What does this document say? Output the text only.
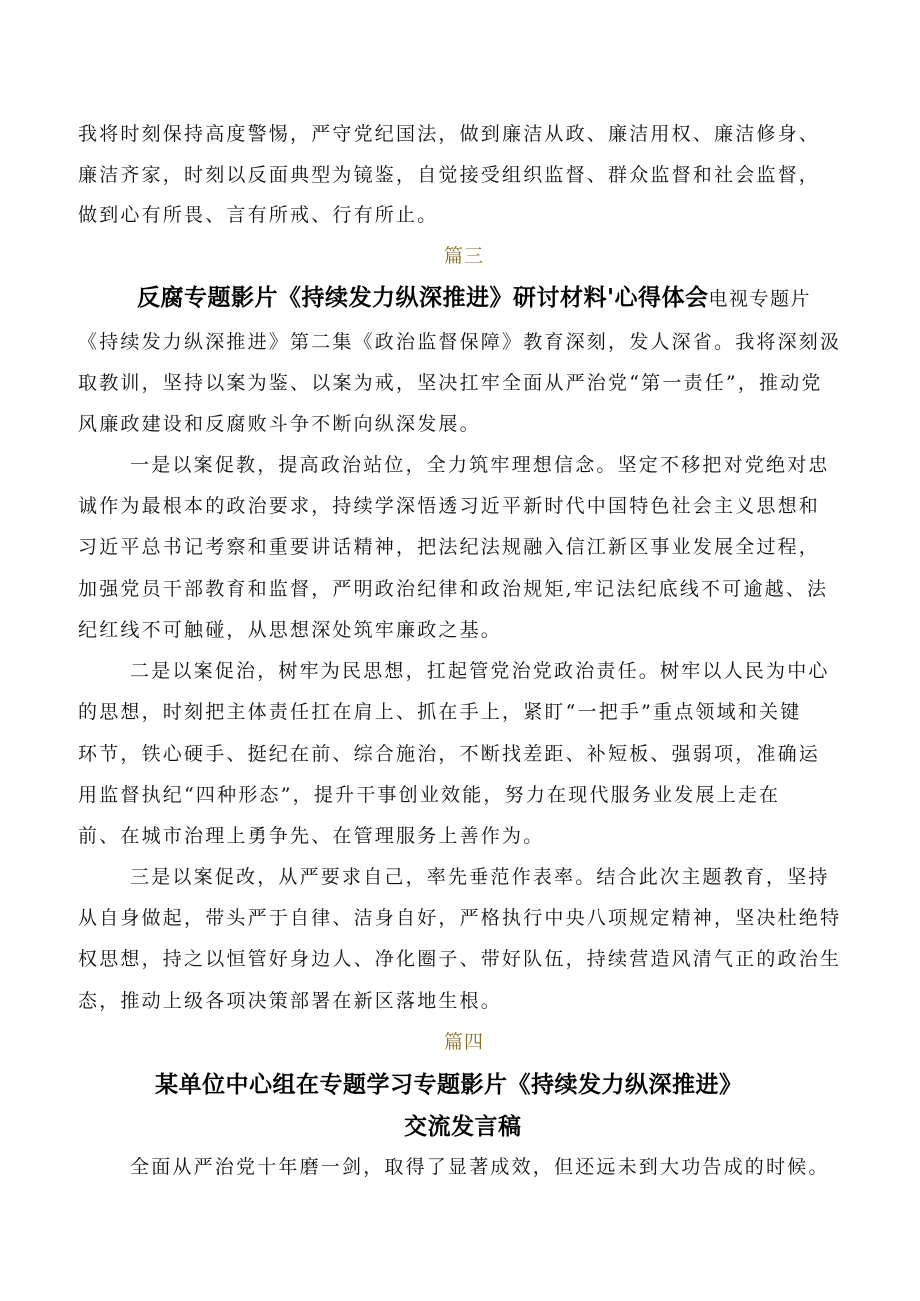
我将时刻保持高度警惕，严守党纪国法，做到廉洁从政、廉洁用权、廉洁修身、
廉洁齐家，时刻以反面典型为镜鉴，自觉接受组织监督、群众监督和社会监督，
做到心有所畏、言有所戒、行有所止。
篇三
反腐专题影片《持续发力纵深推进》研讨材料'心得体会电视专题片
《持续发力纵深推进》第二集《政治监督保障》教育深刻，发人深省。我将深刻汲
取教训，坚持以案为鉴、以案为戒，坚决扛牢全面从严治党“第一责任”，推动党
风廉政建设和反腐败斗争不断向纵深发展。
一是以案促教，提高政治站位，全力筑牢理想信念。坚定不移把对党绝对忠
诚作为最根本的政治要求，持续学深悟透习近平新时代中国特色社会主义思想和
习近平总书记考察和重要讲话精神，把法纪法规融入信江新区事业发展全过程，
加强党员干部教育和监督，严明政治纪律和政治规矩,牢记法纪底线不可逾越、法
纪红线不可触碰，从思想深处筑牢廉政之基。
二是以案促治，树牢为民思想，扛起管党治党政治责任。树牢以人民为中心
的思想，时刻把主体责任扛在肩上、抓在手上，紧盯“一把手”重点领域和关键
环节，铁心硬手、挺纪在前、综合施治，不断找差距、补短板、强弱项，准确运
用监督执纪“四种形态”，提升干事创业效能，努力在现代服务业发展上走在
前、在城市治理上勇争先、在管理服务上善作为。
三是以案促改，从严要求自己，率先垂范作表率。结合此次主题教育，坚持
从自身做起，带头严于自律、洁身自好，严格执行中央八项规定精神，坚决杜绝特
权思想，持之以恒管好身边人、净化圈子、带好队伍，持续营造风清气正的政治生
态，推动上级各项决策部署在新区落地生根。
篇四
某单位中心组在专题学习专题影片《持续发力纵深推进》
交流发言稿
全面从严治党十年磨一剑，取得了显著成效，但还远未到大功告成的时候。
